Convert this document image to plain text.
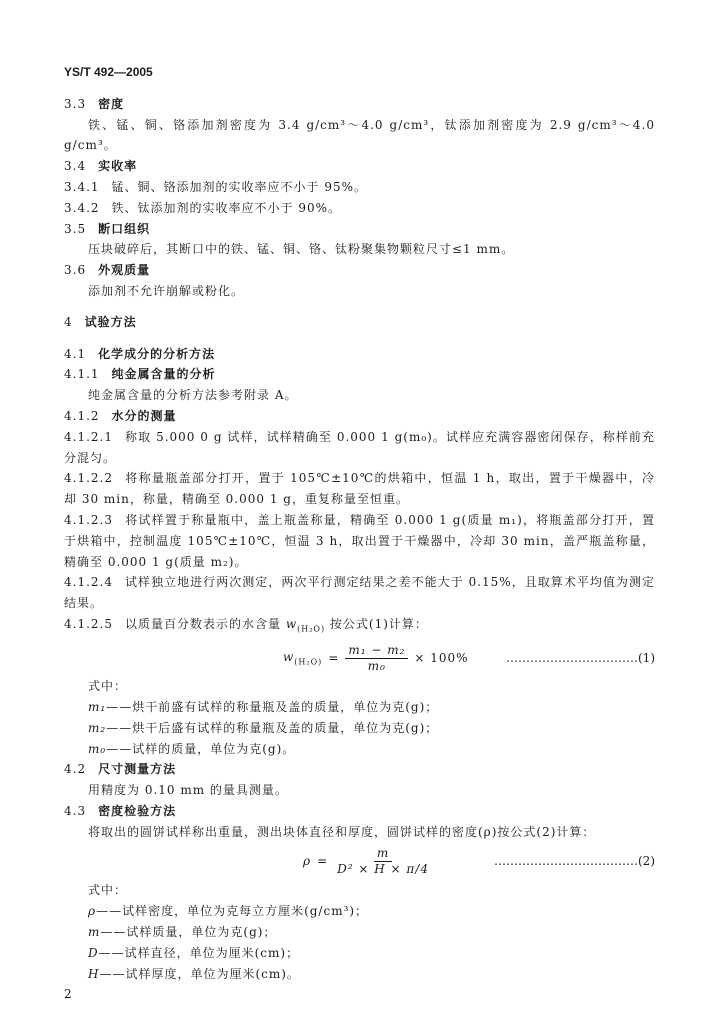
YS/T 492—2005
3.3 密度
铁、锰、铜、铬添加剂密度为 3.4 g/cm³～4.0 g/cm³，钛添加剂密度为 2.9 g/cm³～4.0 g/cm³。
3.4 实收率
3.4.1 锰、铜、铬添加剂的实收率应不小于 95%。
3.4.2 铁、钛添加剂的实收率应不小于 90%。
3.5 断口组织
压块破碎后，其断口中的铁、锰、铜、铬、钛粉聚集物颗粒尺寸≤1 mm。
3.6 外观质量
添加剂不允许崩解或粉化。
4 试验方法
4.1 化学成分的分析方法
4.1.1 纯金属含量的分析
纯金属含量的分析方法参考附录 A。
4.1.2 水分的测量
4.1.2.1 称取 5.000 0 g 试样，试样精确至 0.000 1 g(m₀)。试样应充满容器密闭保存，称样前充分混匀。
4.1.2.2 将称量瓶盖部分打开，置于 105℃±10℃的烘箱中，恒温 1 h，取出，置于干燥器中，冷却 30 min，称量，精确至 0.000 1 g，重复称量至恒重。
4.1.2.3 将试样置于称量瓶中，盖上瓶盖称量，精确至 0.000 1 g(质量 m₁)，将瓶盖部分打开，置于烘箱中，控制温度 105℃±10℃，恒温 3 h，取出置于干燥器中，冷却 30 min，盖严瓶盖称量，精确至 0.000 1 g(质量 m₂)。
4.1.2.4 试样独立地进行两次测定，两次平行测定结果之差不能大于 0.15%，且取算术平均值为测定结果。
4.1.2.5 以质量百分数表示的水含量 $w_{(H_2O)}$ 按公式(1)计算：
$w_{(H_2O)} = \frac{\text{m₁ − m₂}}{\text{m₀}} \times 100\%$	……………………………(1)
式中：
m₁——烘干前盛有试样的称量瓶及盖的质量，单位为克(g)；
m₂——烘干后盛有试样的称量瓶及盖的质量，单位为克(g)；
m₀——试样的质量，单位为克(g)。
4.2 尺寸测量方法
用精度为 0.10 mm 的量具测量。
4.3 密度检验方法
将取出的圆饼试样称出重量，测出块体直径和厚度，圆饼试样的密度(ρ)按公式(2)计算：
$\rho = \frac{m}{\text{D² × H × π/4}}$	………………………………(2)
式中：
ρ——试样密度，单位为克每立方厘米(g/cm³)；
m——试样质量，单位为克(g)；
D——试样直径，单位为厘米(cm)；
H——试样厚度，单位为厘米(cm)。
2
